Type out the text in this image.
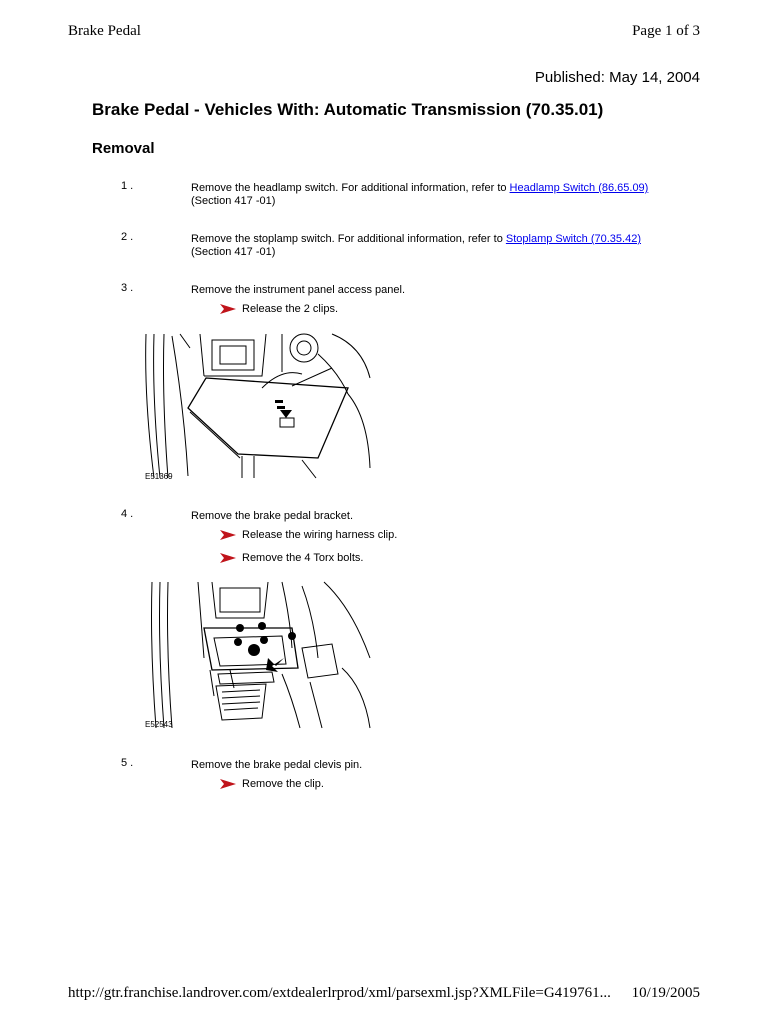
Brake Pedal	Page 1 of 3
Published: May 14, 2004
Brake Pedal - Vehicles With: Automatic Transmission (70.35.01)
Removal
1 .	Remove the headlamp switch. For additional information, refer to Headlamp Switch (86.65.09)
(Section 417 -01)
2 .	Remove the stoplamp switch. For additional information, refer to Stoplamp Switch (70.35.42)
(Section 417 -01)
3 .	Remove the instrument panel access panel.
Release the 2 clips.
E51369
4 .	Remove the brake pedal bracket.
Release the wiring harness clip.
Remove the 4 Torx bolts.
E52543
5 .	Remove the brake pedal clevis pin.
Remove the clip.
http://gtr.franchise.landrover.com/extdealerlrprod/xml/parsexml.jsp?XMLFile=G419761... 10/19/2005
